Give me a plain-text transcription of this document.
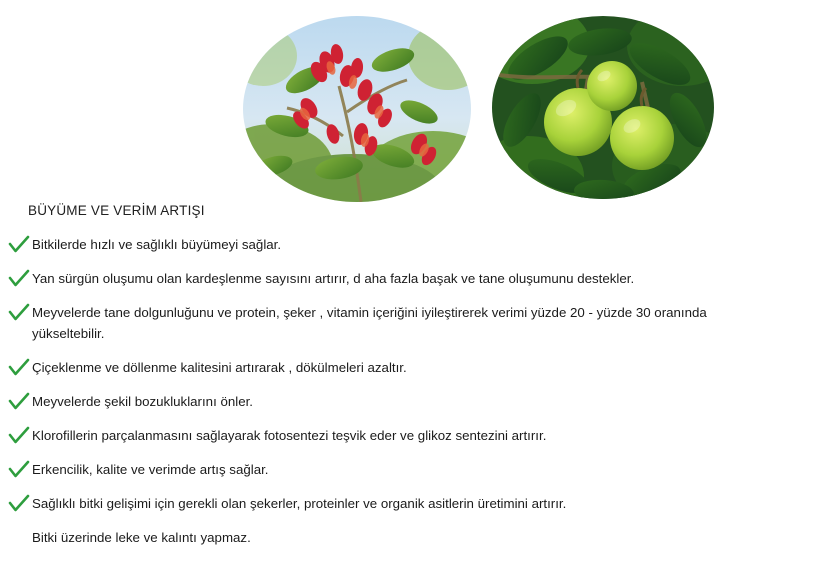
BÜYÜME VE VERİM ARTIŞI
Bitkilerde hızlı ve sağlıklı büyümeyi sağlar.
Yan sürgün oluşumu olan kardeşlenme sayısını artırır, d aha fazla başak ve tane oluşumunu destekler.
Meyvelerde tane dolgunluğunu ve protein, şeker , vitamin içeriğini iyileştirerek verimi yüzde 20 - yüzde 30 oranında yükseltebilir.
Çiçeklenme ve döllenme kalitesini artırarak , dökülmeleri azaltır.
Meyvelerde şekil bozukluklarını önler.
Klorofillerin parçalanmasını sağlayarak fotosentezi teşvik eder ve glikoz sentezini artırır.
Erkencilik, kalite ve verimde artış sağlar.
Sağlıklı bitki gelişimi için gerekli olan şekerler, proteinler ve organik asitlerin üretimini artırır.
Bitki üzerinde leke ve kalıntı yapmaz.
